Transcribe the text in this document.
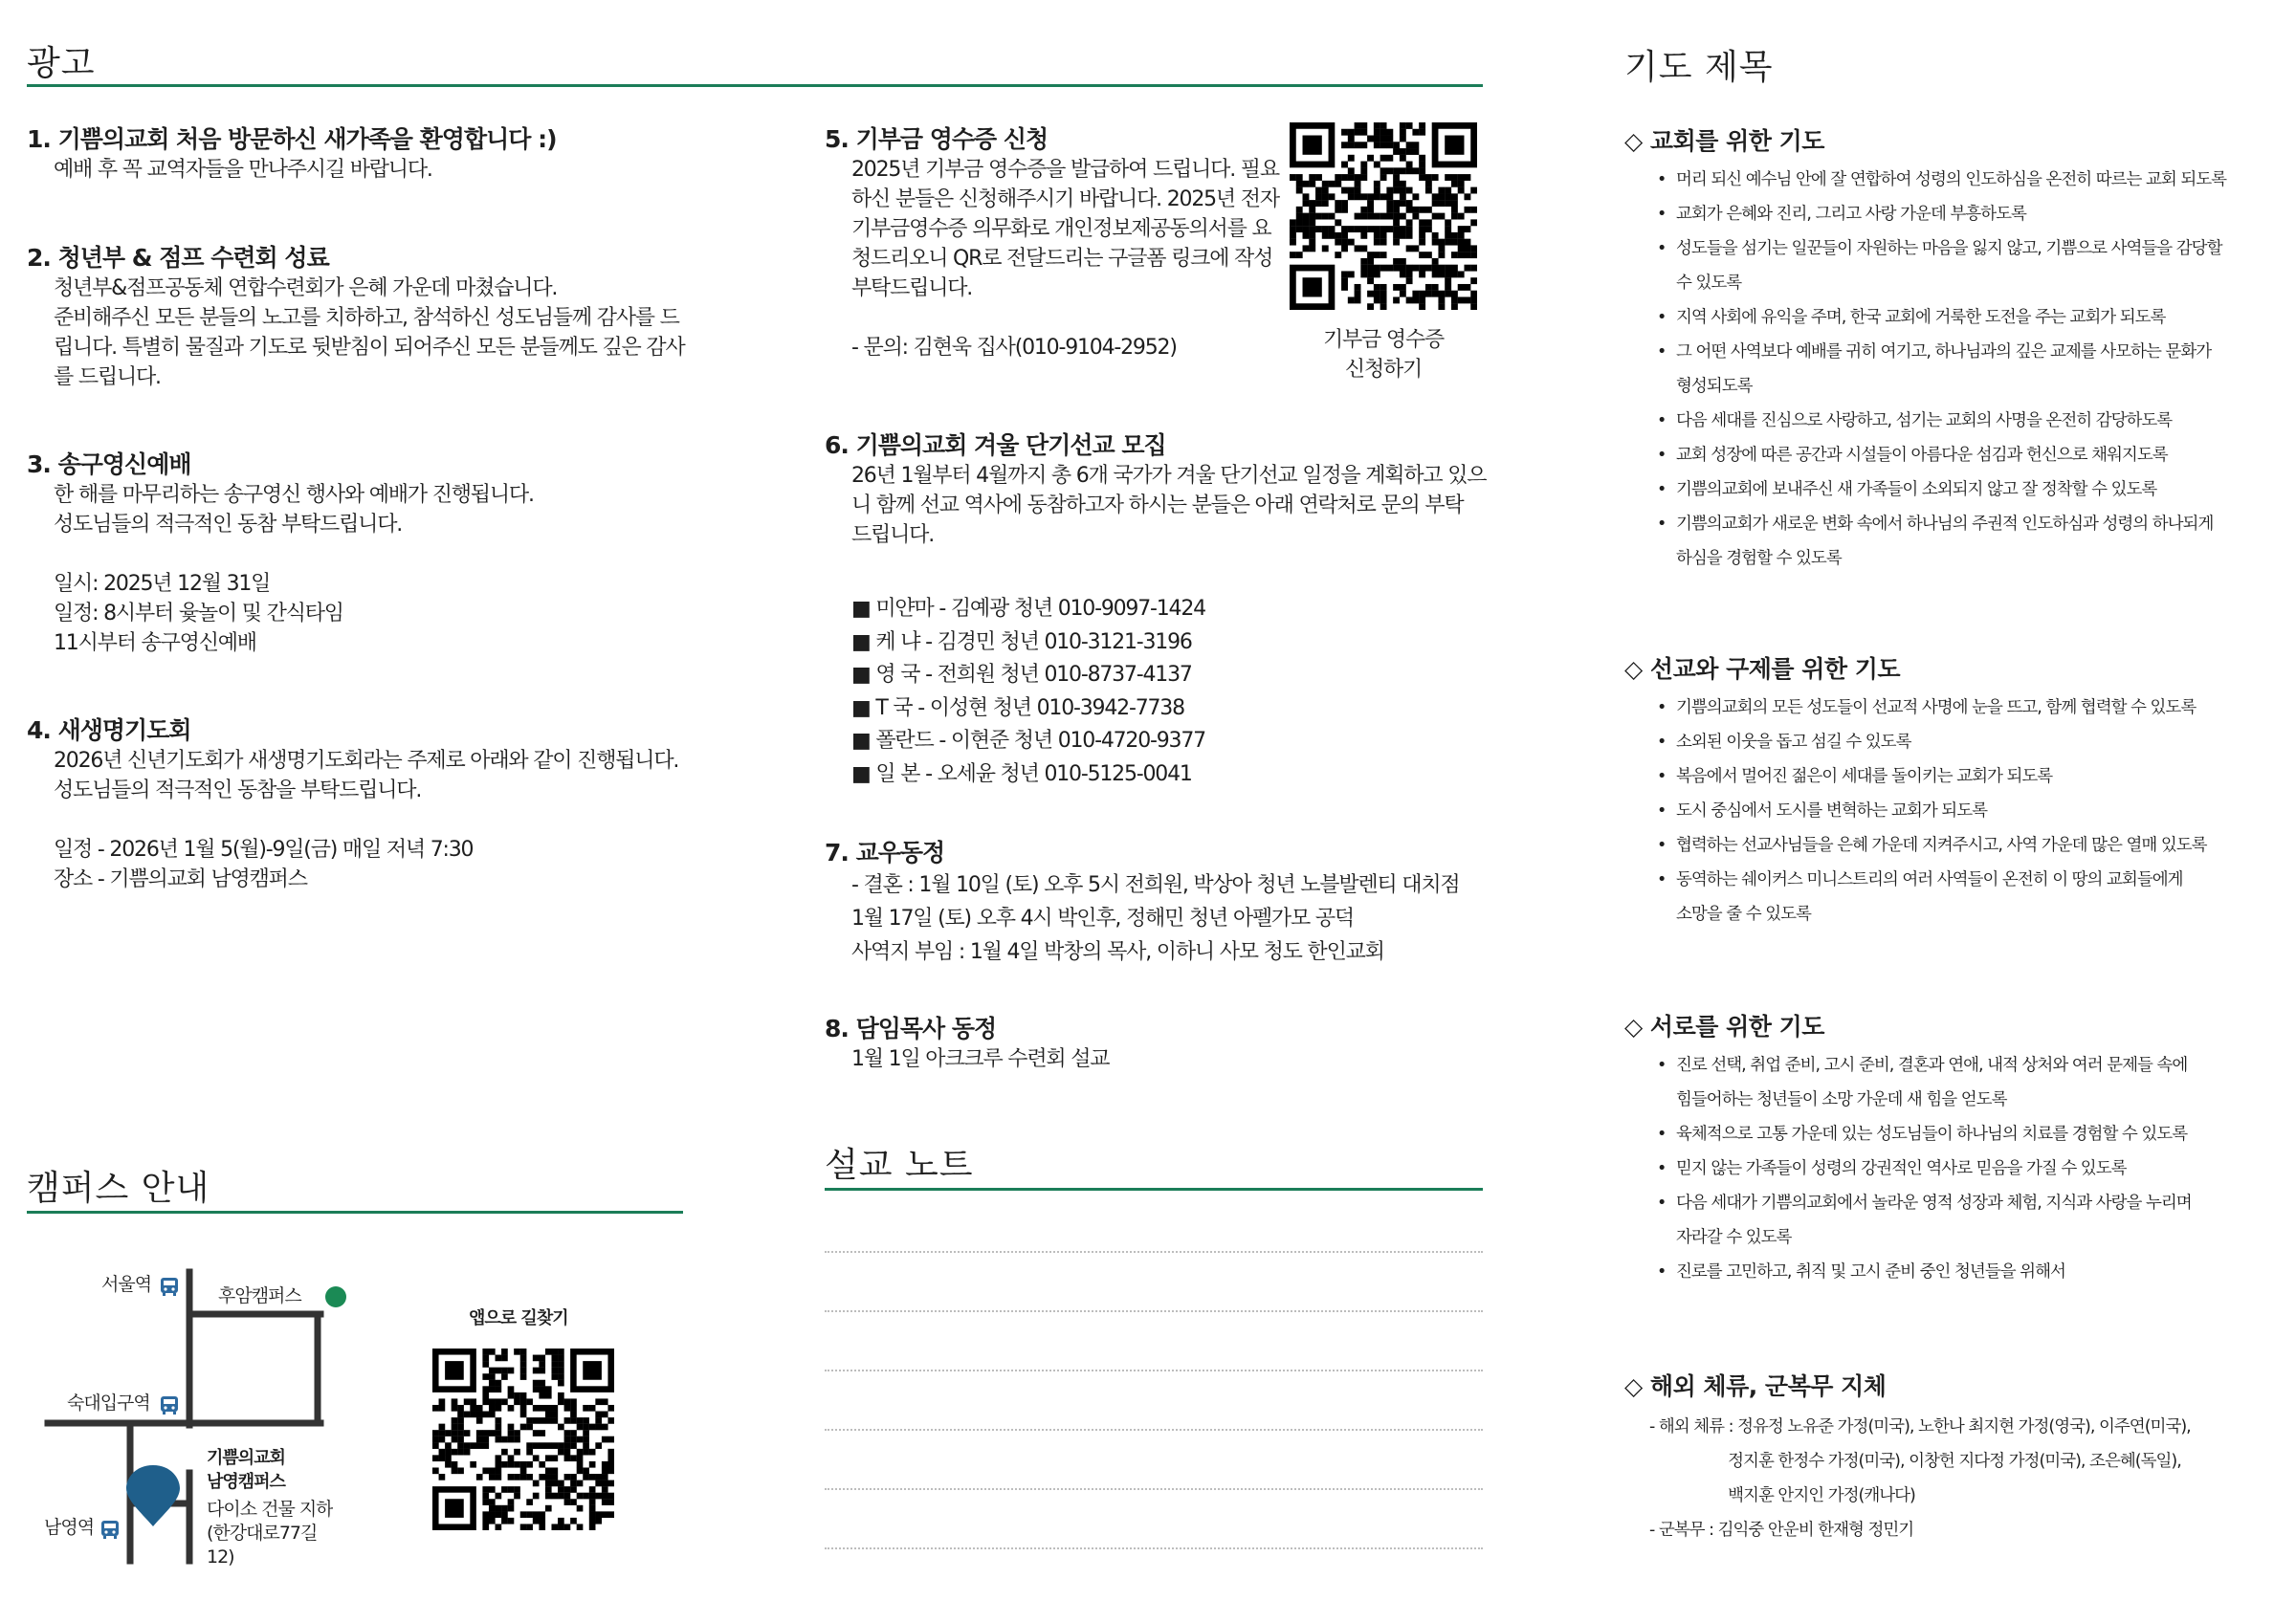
광고
1. 기쁨의교회 처음 방문하신 새가족을 환영합니다 :)
예배 후 꼭 교역자들을 만나주시길 바랍니다.
2. 청년부 & 점프 수련회 성료
청년부&점프공동체 연합수련회가 은혜 가운데 마쳤습니다.
준비해주신 모든 분들의 노고를 치하하고, 참석하신 성도님들께 감사를 드
립니다. 특별히 물질과 기도로 뒷받침이 되어주신 모든 분들께도 깊은 감사
를 드립니다.
3. 송구영신예배
한 해를 마무리하는 송구영신 행사와 예배가 진행됩니다.
성도님들의 적극적인 동참 부탁드립니다.

일시: 2025년 12월 31일
일정: 8시부터 윷놀이 및 간식타임
11시부터 송구영신예배
4. 새생명기도회
2026년 신년기도회가 새생명기도회라는 주제로 아래와 같이 진행됩니다.
성도님들의 적극적인 동참을 부탁드립니다.

일정 - 2026년 1월 5(월)-9일(금) 매일 저녁 7:30
장소 - 기쁨의교회 남영캠퍼스
5. 기부금 영수증 신청
2025년 기부금 영수증을 발급하여 드립니다. 필요
하신 분들은 신청해주시기 바랍니다. 2025년 전자
기부금영수증 의무화로 개인정보제공동의서를 요
청드리오니 QR로 전달드리는 구글폼 링크에 작성
부탁드립니다.

- 문의: 김현욱 집사(010-9104-2952)	기부금 영수증
신청하기
6. 기쁨의교회 겨울 단기선교 모집
26년 1월부터 4월까지 총 6개 국가가 겨울 단기선교 일정을 계획하고 있으
니 함께 선교 역사에 동참하고자 하시는 분들은 아래 연락처로 문의 부탁
드립니다.
■ 미얀마 - 김예광 청년 010-9097-1424
■ 케 냐 - 김경민 청년 010-3121-3196
■ 영 국 - 전희원 청년 010-8737-4137
■ T 국 - 이성현 청년 010-3942-7738
■ 폴란드 - 이현준 청년 010-4720-9377
■ 일 본 - 오세윤 청년 010-5125-0041
7. 교우동정
- 결혼 : 1월 10일 (토) 오후 5시 전희원, 박상아 청년 노블발렌티 대치점
1월 17일 (토) 오후 4시 박인후, 정해민 청년 아펠가모 공덕
사역지 부임 : 1월 4일 박창의 목사, 이하니 사모 청도 한인교회
8. 담임목사 동정
1월 1일 아크크루 수련회 설교
설교 노트
캠퍼스 안내
서울역
후암캠퍼스
숙대입구역
남영역
기쁨의교회
남영캠퍼스
다이소 건물 지하
(한강대로77길
12)
앱으로 길찾기
기도 제목
◇ 교회를 위한 기도
• 머리 되신 예수님 안에 잘 연합하여 성령의 인도하심을 온전히 따르는 교회 되도록
• 교회가 은혜와 진리, 그리고 사랑 가운데 부흥하도록
• 성도들을 섬기는 일꾼들이 자원하는 마음을 잃지 않고, 기쁨으로 사역들을 감당할
수 있도록
• 지역 사회에 유익을 주며, 한국 교회에 거룩한 도전을 주는 교회가 되도록
• 그 어떤 사역보다 예배를 귀히 여기고, 하나님과의 깊은 교제를 사모하는 문화가
형성되도록
• 다음 세대를 진심으로 사랑하고, 섬기는 교회의 사명을 온전히 감당하도록
• 교회 성장에 따른 공간과 시설들이 아름다운 섬김과 헌신으로 채워지도록
• 기쁨의교회에 보내주신 새 가족들이 소외되지 않고 잘 정착할 수 있도록
• 기쁨의교회가 새로운 변화 속에서 하나님의 주권적 인도하심과 성령의 하나되게
하심을 경험할 수 있도록
◇ 선교와 구제를 위한 기도
• 기쁨의교회의 모든 성도들이 선교적 사명에 눈을 뜨고, 함께 협력할 수 있도록
• 소외된 이웃을 돕고 섬길 수 있도록
• 복음에서 멀어진 젊은이 세대를 돌이키는 교회가 되도록
• 도시 중심에서 도시를 변혁하는 교회가 되도록
• 협력하는 선교사님들을 은혜 가운데 지켜주시고, 사역 가운데 많은 열매 있도록
• 동역하는 쉐이커스 미니스트리의 여러 사역들이 온전히 이 땅의 교회들에게
소망을 줄 수 있도록
◇ 서로를 위한 기도
• 진로 선택, 취업 준비, 고시 준비, 결혼과 연애, 내적 상처와 여러 문제들 속에
힘들어하는 청년들이 소망 가운데 새 힘을 얻도록
• 육체적으로 고통 가운데 있는 성도님들이 하나님의 치료를 경험할 수 있도록
• 믿지 않는 가족들이 성령의 강권적인 역사로 믿음을 가질 수 있도록
• 다음 세대가 기쁨의교회에서 놀라운 영적 성장과 체험, 지식과 사랑을 누리며
자라갈 수 있도록
• 진로를 고민하고, 취직 및 고시 준비 중인 청년들을 위해서
◇ 해외 체류, 군복무 지체
- 해외 체류 : 정유정 노유준 가정(미국), 노한나 최지현 가정(영국), 이주연(미국),
정지훈 한정수 가정(미국), 이창헌 지다정 가정(미국), 조은혜(독일),
백지훈 안지인 가정(캐나다)
- 군복무 : 김익중 안운비 한재형 정민기
